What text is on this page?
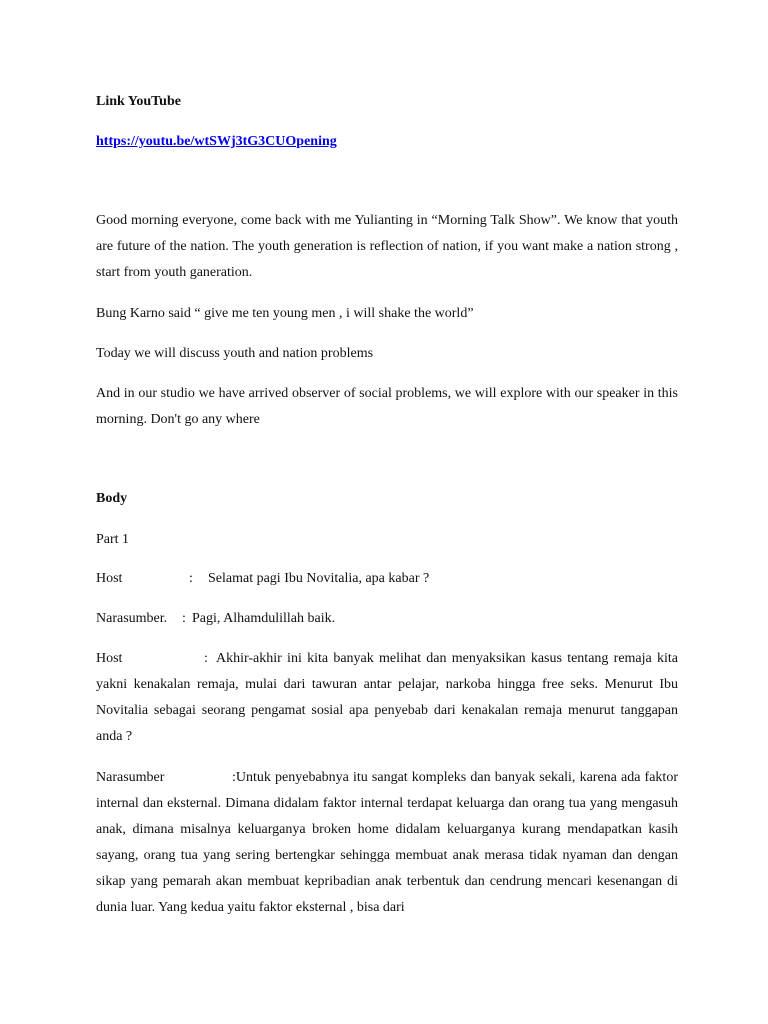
Link YouTube

https://youtu.be/wtSWj3tG3CUOpening

Good morning everyone, come back with me Yulianting in “Morning Talk Show”. We know that youth are future of the nation. The youth generation is reflection of nation, if you want make a nation strong , start from youth ganeration.

Bung Karno said “ give me ten young men , i will shake the world”

Today we will discuss youth and nation problems

And in our studio we have arrived observer of social problems, we will explore with our speaker in this morning. Don't go any where

Body

Part 1

Host	: Selamat pagi Ibu Novitalia, apa kabar ?

Narasumber. : Pagi, Alhamdulillah baik.

Host	: Akhir-akhir ini kita banyak melihat dan menyaksikan kasus tentang remaja kita yakni kenakalan remaja, mulai dari tawuran antar pelajar, narkoba hingga free seks. Menurut Ibu Novitalia sebagai seorang pengamat sosial apa penyebab dari kenakalan remaja menurut tanggapan anda ?

Narasumber	:Untuk penyebabnya itu sangat kompleks dan banyak sekali, karena ada faktor internal dan eksternal. Dimana didalam faktor internal terdapat keluarga dan orang tua yang mengasuh anak, dimana misalnya keluarganya broken home didalam keluarganya kurang mendapatkan kasih sayang, orang tua yang sering bertengkar sehingga membuat anak merasa tidak nyaman dan dengan sikap yang pemarah akan membuat kepribadian anak terbentuk dan cendrung mencari kesenangan di dunia luar. Yang kedua yaitu faktor eksternal , bisa dari
